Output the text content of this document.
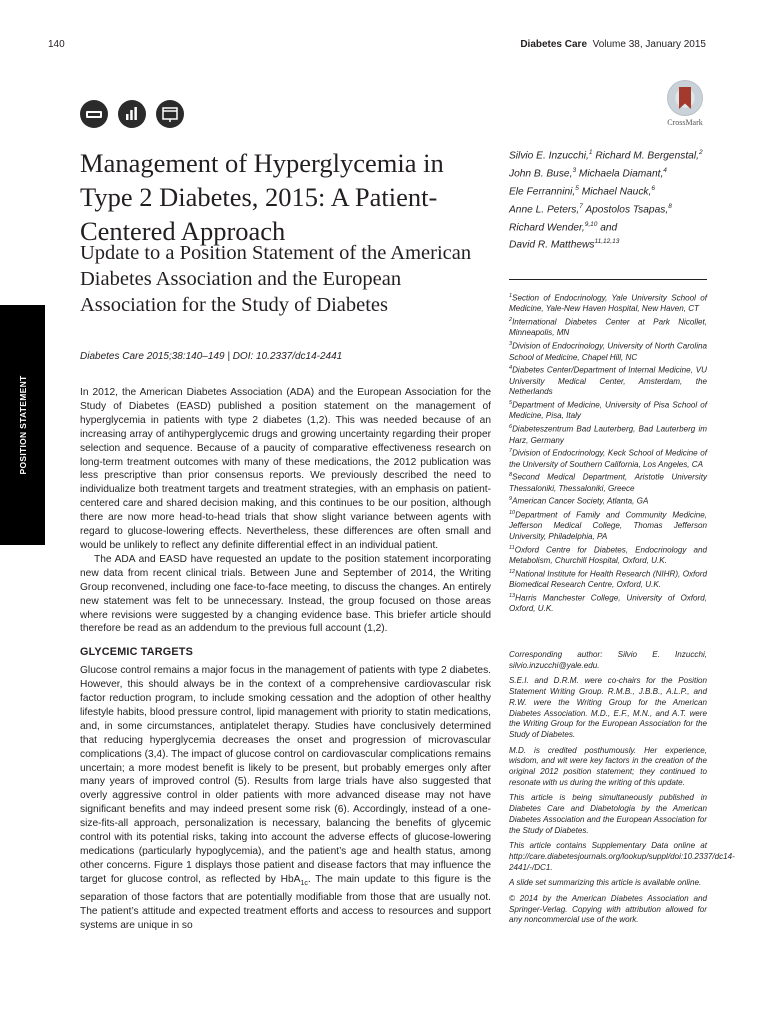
140	Diabetes Care Volume 38, January 2015
POSITION STATEMENT
CrossMark
Management of Hyperglycemia in Type 2 Diabetes, 2015: A Patient-Centered Approach
Update to a Position Statement of the American Diabetes Association and the European Association for the Study of Diabetes
Diabetes Care 2015;38:140–149 | DOI: 10.2337/dc14-2441

In 2012, the American Diabetes Association (ADA) and the European Association for the Study of Diabetes (EASD) published a position statement on the management of hyperglycemia in patients with type 2 diabetes (1,2). This was needed because of an increasing array of antihyperglycemic drugs and growing uncertainty regarding their proper selection and sequence. Because of a paucity of comparative effectiveness research on long-term treatment outcomes with many of these medications, the 2012 publication was less prescriptive than prior consensus reports. We previously described the need to individualize both treatment targets and treatment strategies, with an emphasis on patient-centered care and shared decision making, and this continues to be our position, although there are now more head-to-head trials that show slight variance between agents with regard to glucose-lowering effects. Nevertheless, these differences are often small and would be unlikely to reflect any definite differential effect in an individual patient.

The ADA and EASD have requested an update to the position statement incorporating new data from recent clinical trials. Between June and September of 2014, the Writing Group reconvened, including one face-to-face meeting, to discuss the changes. An entirely new statement was felt to be unnecessary. Instead, the group focused on those areas where revisions were suggested by a changing evidence base. This briefer article should therefore be read as an addendum to the previous full account (1,2).

GLYCEMIC TARGETS

Glucose control remains a major focus in the management of patients with type 2 diabetes. However, this should always be in the context of a comprehensive cardiovascular risk factor reduction program, to include smoking cessation and the adoption of other healthy lifestyle habits, blood pressure control, lipid management with priority to statin medications, and, in some circumstances, antiplatelet therapy. Studies have conclusively determined that reducing hyperglycemia decreases the onset and progression of microvascular complications (3,4). The impact of glucose control on cardiovascular complications remains uncertain; a more modest benefit is likely to be present, but probably emerges only after many years of improved control (5). Results from large trials have also suggested that overly aggressive control in older patients with more advanced disease may not have significant benefits and may indeed present some risk (6). Accordingly, instead of a one-size-fits-all approach, personalization is necessary, balancing the benefits of glycemic control with its potential risks, taking into account the adverse effects of glucose-lowering medications (particularly hypoglycemia), and the patient’s age and health status, among other concerns. Figure 1 displays those patient and disease factors that may influence the target for glucose control, as reflected by HbA$_{1c}$. The main update to this figure is the separation of those factors that are potentially modifiable from those that are usually not. The patient’s attitude and expected treatment efforts and access to resources and support systems are unique in so

Silvio E. Inzucchi,$^1$ Richard M. Bergenstal,$^2$
John B. Buse,$^3$ Michaela Diamant,$^4$
Ele Ferrannini,$^5$ Michael Nauck,$^6$
Anne L. Peters,$^7$ Apostolos Tsapas,$^8$
Richard Wender,$^{9,10}$ and
David R. Matthews$^{11,12,13}$

$^1$Section of Endocrinology, Yale University School of Medicine, Yale-New Haven Hospital, New Haven, CT

$^2$International Diabetes Center at Park Nicollet, Minneapolis, MN

$^3$Division of Endocrinology, University of North Carolina School of Medicine, Chapel Hill, NC

$^4$Diabetes Center/Department of Internal Medicine, VU University Medical Center, Amsterdam, the Netherlands

$^5$Department of Medicine, University of Pisa School of Medicine, Pisa, Italy

$^6$Diabeteszentrum Bad Lauterberg, Bad Lauterberg im Harz, Germany

$^7$Division of Endocrinology, Keck School of Medicine of the University of Southern California, Los Angeles, CA

$^8$Second Medical Department, Aristotle University Thessaloniki, Thessaloniki, Greece

$^9$American Cancer Society, Atlanta, GA

$^{10}$Department of Family and Community Medicine, Jefferson Medical College, Thomas Jefferson University, Philadelphia, PA

$^{11}$Oxford Centre for Diabetes, Endocrinology and Metabolism, Churchill Hospital, Oxford, U.K.

$^{12}$National Institute for Health Research (NIHR), Oxford Biomedical Research Centre, Oxford, U.K.

$^{13}$Harris Manchester College, University of Oxford, Oxford, U.K.

Corresponding author: Silvio E. Inzucchi, silvio.inzucchi@yale.edu.

S.E.I. and D.R.M. were co-chairs for the Position Statement Writing Group. R.M.B., J.B.B., A.L.P., and R.W. were the Writing Group for the American Diabetes Association. M.D., E.F., M.N., and A.T. were the Writing Group for the European Association for the Study of Diabetes.

M.D. is credited posthumously. Her experience, wisdom, and wit were key factors in the creation of the original 2012 position statement; they continued to resonate with us during the writing of this update.

This article is being simultaneously published in Diabetes Care and Diabetologia by the American Diabetes Association and the European Association for the Study of Diabetes.

This article contains Supplementary Data online at http://care.diabetesjournals.org/lookup/suppl/doi:10.2337/dc14-2441/-/DC1.

A slide set summarizing this article is available online.

© 2014 by the American Diabetes Association and Springer-Verlag. Copying with attribution allowed for any noncommercial use of the work.
